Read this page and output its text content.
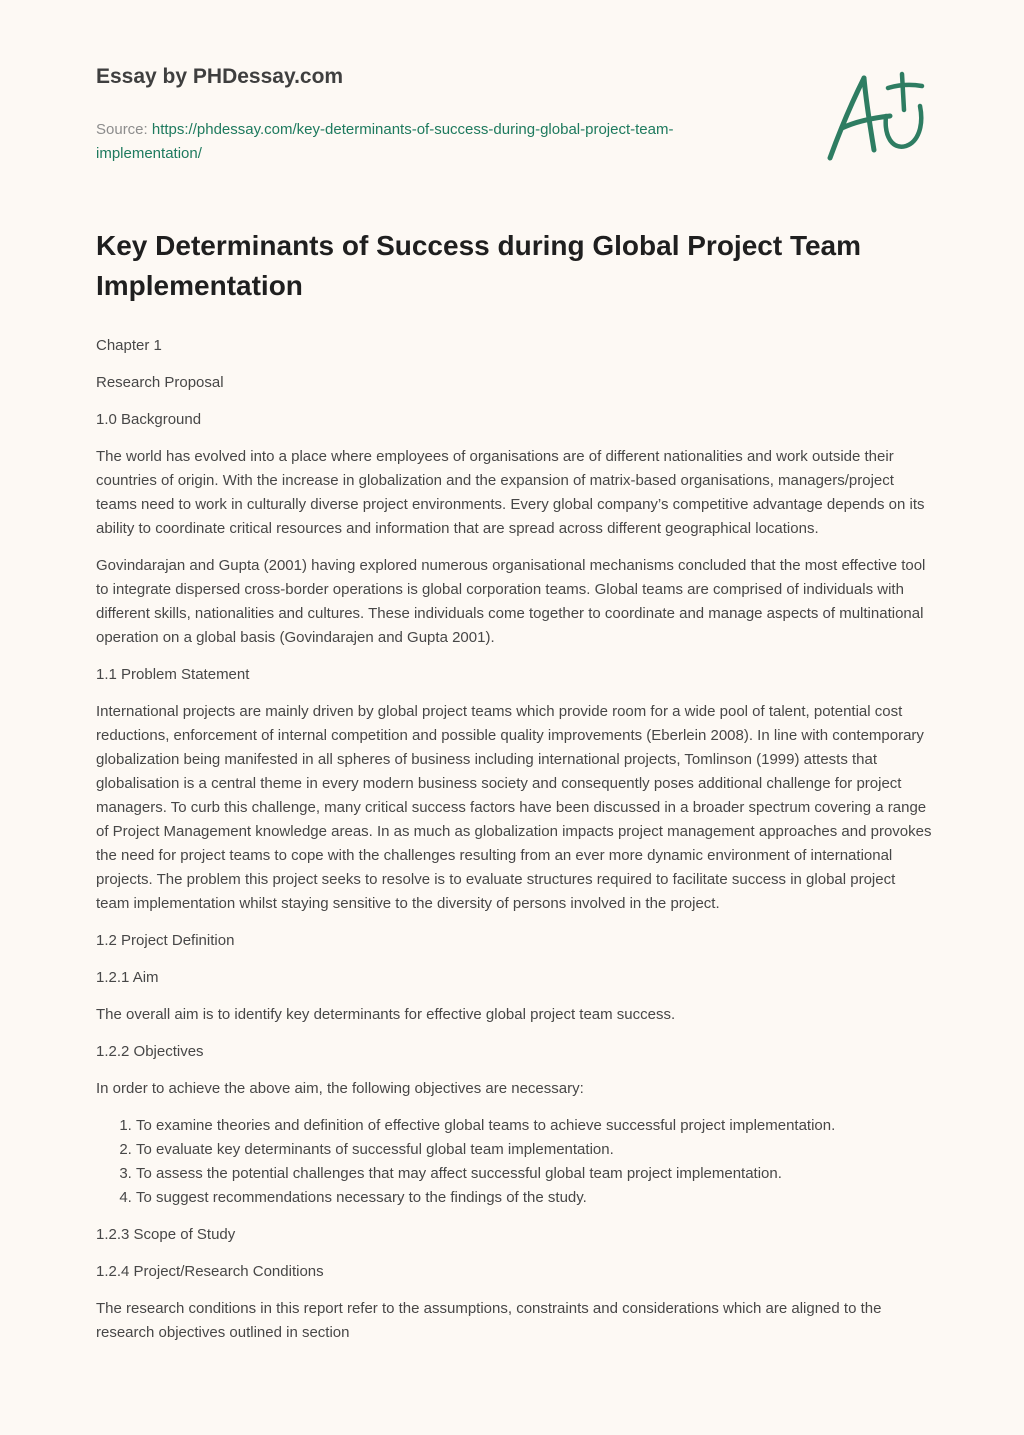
Essay by PHDessay.com
Source: https://phdessay.com/key-determinants-of-success-during-global-project-team-implementation/
Key Determinants of Success during Global Project Team Implementation
Chapter 1
Research Proposal
1.0 Background

The world has evolved into a place where employees of organisations are of different nationalities and work outside their countries of origin. With the increase in globalization and the expansion of matrix-based organisations, managers/project teams need to work in culturally diverse project environments. Every global company’s competitive advantage depends on its ability to coordinate critical resources and information that are spread across different geographical locations.

Govindarajan and Gupta (2001) having explored numerous organisational mechanisms concluded that the most effective tool to integrate dispersed cross-border operations is global corporation teams. Global teams are comprised of individuals with different skills, nationalities and cultures. These individuals come together to coordinate and manage aspects of multinational operation on a global basis (Govindarajen and Gupta 2001).

1.1 Problem Statement

International projects are mainly driven by global project teams which provide room for a wide pool of talent, potential cost reductions, enforcement of internal competition and possible quality improvements (Eberlein 2008). In line with contemporary globalization being manifested in all spheres of business including international projects, Tomlinson (1999) attests that globalisation is a central theme in every modern business society and consequently poses additional challenge for project managers. To curb this challenge, many critical success factors have been discussed in a broader spectrum covering a range of Project Management knowledge areas. In as much as globalization impacts project management approaches and provokes the need for project teams to cope with the challenges resulting from an ever more dynamic environment of international projects. The problem this project seeks to resolve is to evaluate structures required to facilitate success in global project team implementation whilst staying sensitive to the diversity of persons involved in the project.

1.2 Project Definition
1.2.1 Aim

The overall aim is to identify key determinants for effective global project team success.

1.2.2 Objectives

In order to achieve the above aim, the following objectives are necessary:

1. To examine theories and definition of effective global teams to achieve successful project implementation.
2. To evaluate key determinants of successful global team implementation.
3. To assess the potential challenges that may affect successful global team project implementation.
4. To suggest recommendations necessary to the findings of the study.
1.2.3 Scope of Study
1.2.4 Project/Research Conditions

The research conditions in this report refer to the assumptions, constraints and considerations which are aligned to the research objectives outlined in section
